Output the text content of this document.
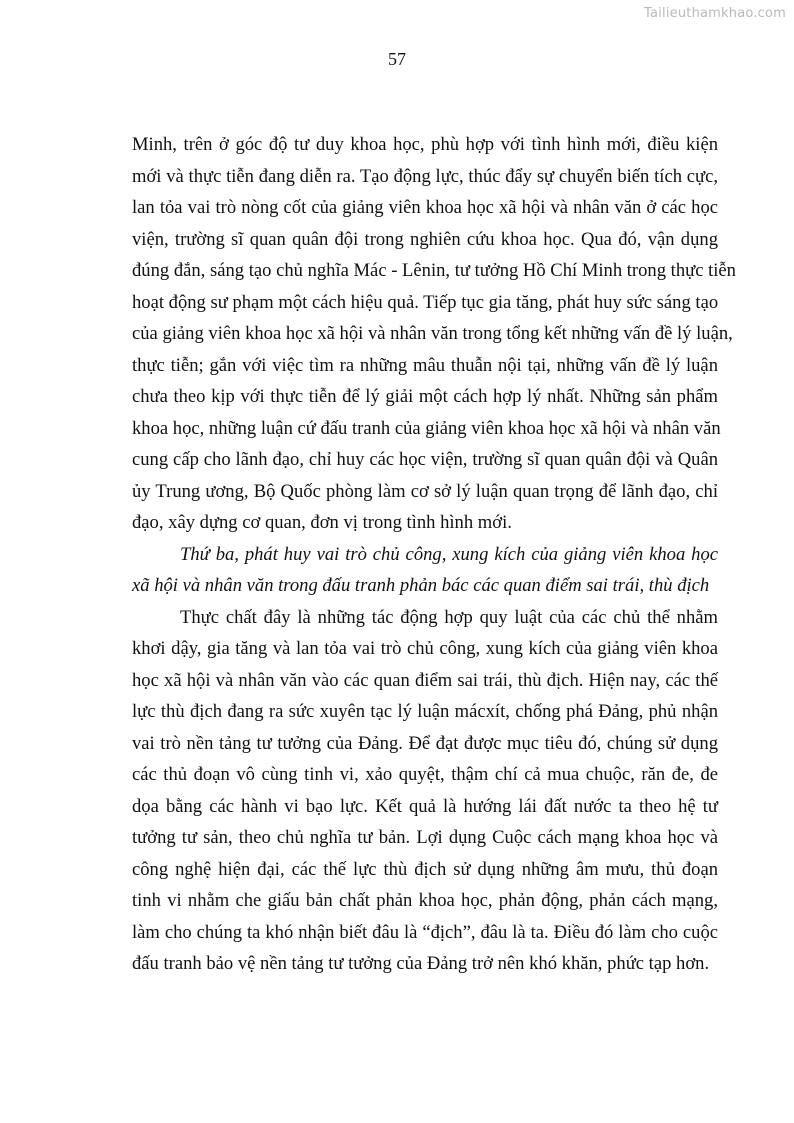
Tailieuthamkhao.com
57
Minh, trên ở góc độ tư duy khoa học, phù hợp với tình hình mới, điều kiện
mới và thực tiễn đang diễn ra. Tạo động lực, thúc đẩy sự chuyển biến tích cực,
lan tỏa vai trò nòng cốt của giảng viên khoa học xã hội và nhân văn ở các học
viện, trường sĩ quan quân đội trong nghiên cứu khoa học. Qua đó, vận dụng
đúng đắn, sáng tạo chủ nghĩa Mác - Lênin, tư tưởng Hồ Chí Minh trong thực tiễn
hoạt động sư phạm một cách hiệu quả. Tiếp tục gia tăng, phát huy sức sáng tạo
của giảng viên khoa học xã hội và nhân văn trong tổng kết những vấn đề lý luận,
thực tiễn; gắn với việc tìm ra những mâu thuẫn nội tại, những vấn đề lý luận
chưa theo kịp với thực tiễn để lý giải một cách hợp lý nhất. Những sản phẩm
khoa học, những luận cứ đấu tranh của giảng viên khoa học xã hội và nhân văn
cung cấp cho lãnh đạo, chỉ huy các học viện, trường sĩ quan quân đội và Quân
ủy Trung ương, Bộ Quốc phòng làm cơ sở lý luận quan trọng để lãnh đạo, chỉ
đạo, xây dựng cơ quan, đơn vị trong tình hình mới.
Thứ ba, phát huy vai trò chủ công, xung kích của giảng viên khoa học
xã hội và nhân văn trong đấu tranh phản bác các quan điểm sai trái, thù địch
Thực chất đây là những tác động hợp quy luật của các chủ thể nhằm
khơi dậy, gia tăng và lan tỏa vai trò chủ công, xung kích của giảng viên khoa
học xã hội và nhân văn vào các quan điểm sai trái, thù địch. Hiện nay, các thế
lực thù địch đang ra sức xuyên tạc lý luận mácxít, chống phá Đảng, phủ nhận
vai trò nền tảng tư tưởng của Đảng. Để đạt được mục tiêu đó, chúng sử dụng
các thủ đoạn vô cùng tinh vi, xảo quyệt, thậm chí cả mua chuộc, răn đe, đe
dọa bằng các hành vi bạo lực. Kết quả là hướng lái đất nước ta theo hệ tư
tưởng tư sản, theo chủ nghĩa tư bản. Lợi dụng Cuộc cách mạng khoa học và
công nghệ hiện đại, các thế lực thù địch sử dụng những âm mưu, thủ đoạn
tinh vi nhằm che giấu bản chất phản khoa học, phản động, phản cách mạng,
làm cho chúng ta khó nhận biết đâu là “địch”, đâu là ta. Điều đó làm cho cuộc
đấu tranh bảo vệ nền tảng tư tưởng của Đảng trở nên khó khăn, phức tạp hơn.
